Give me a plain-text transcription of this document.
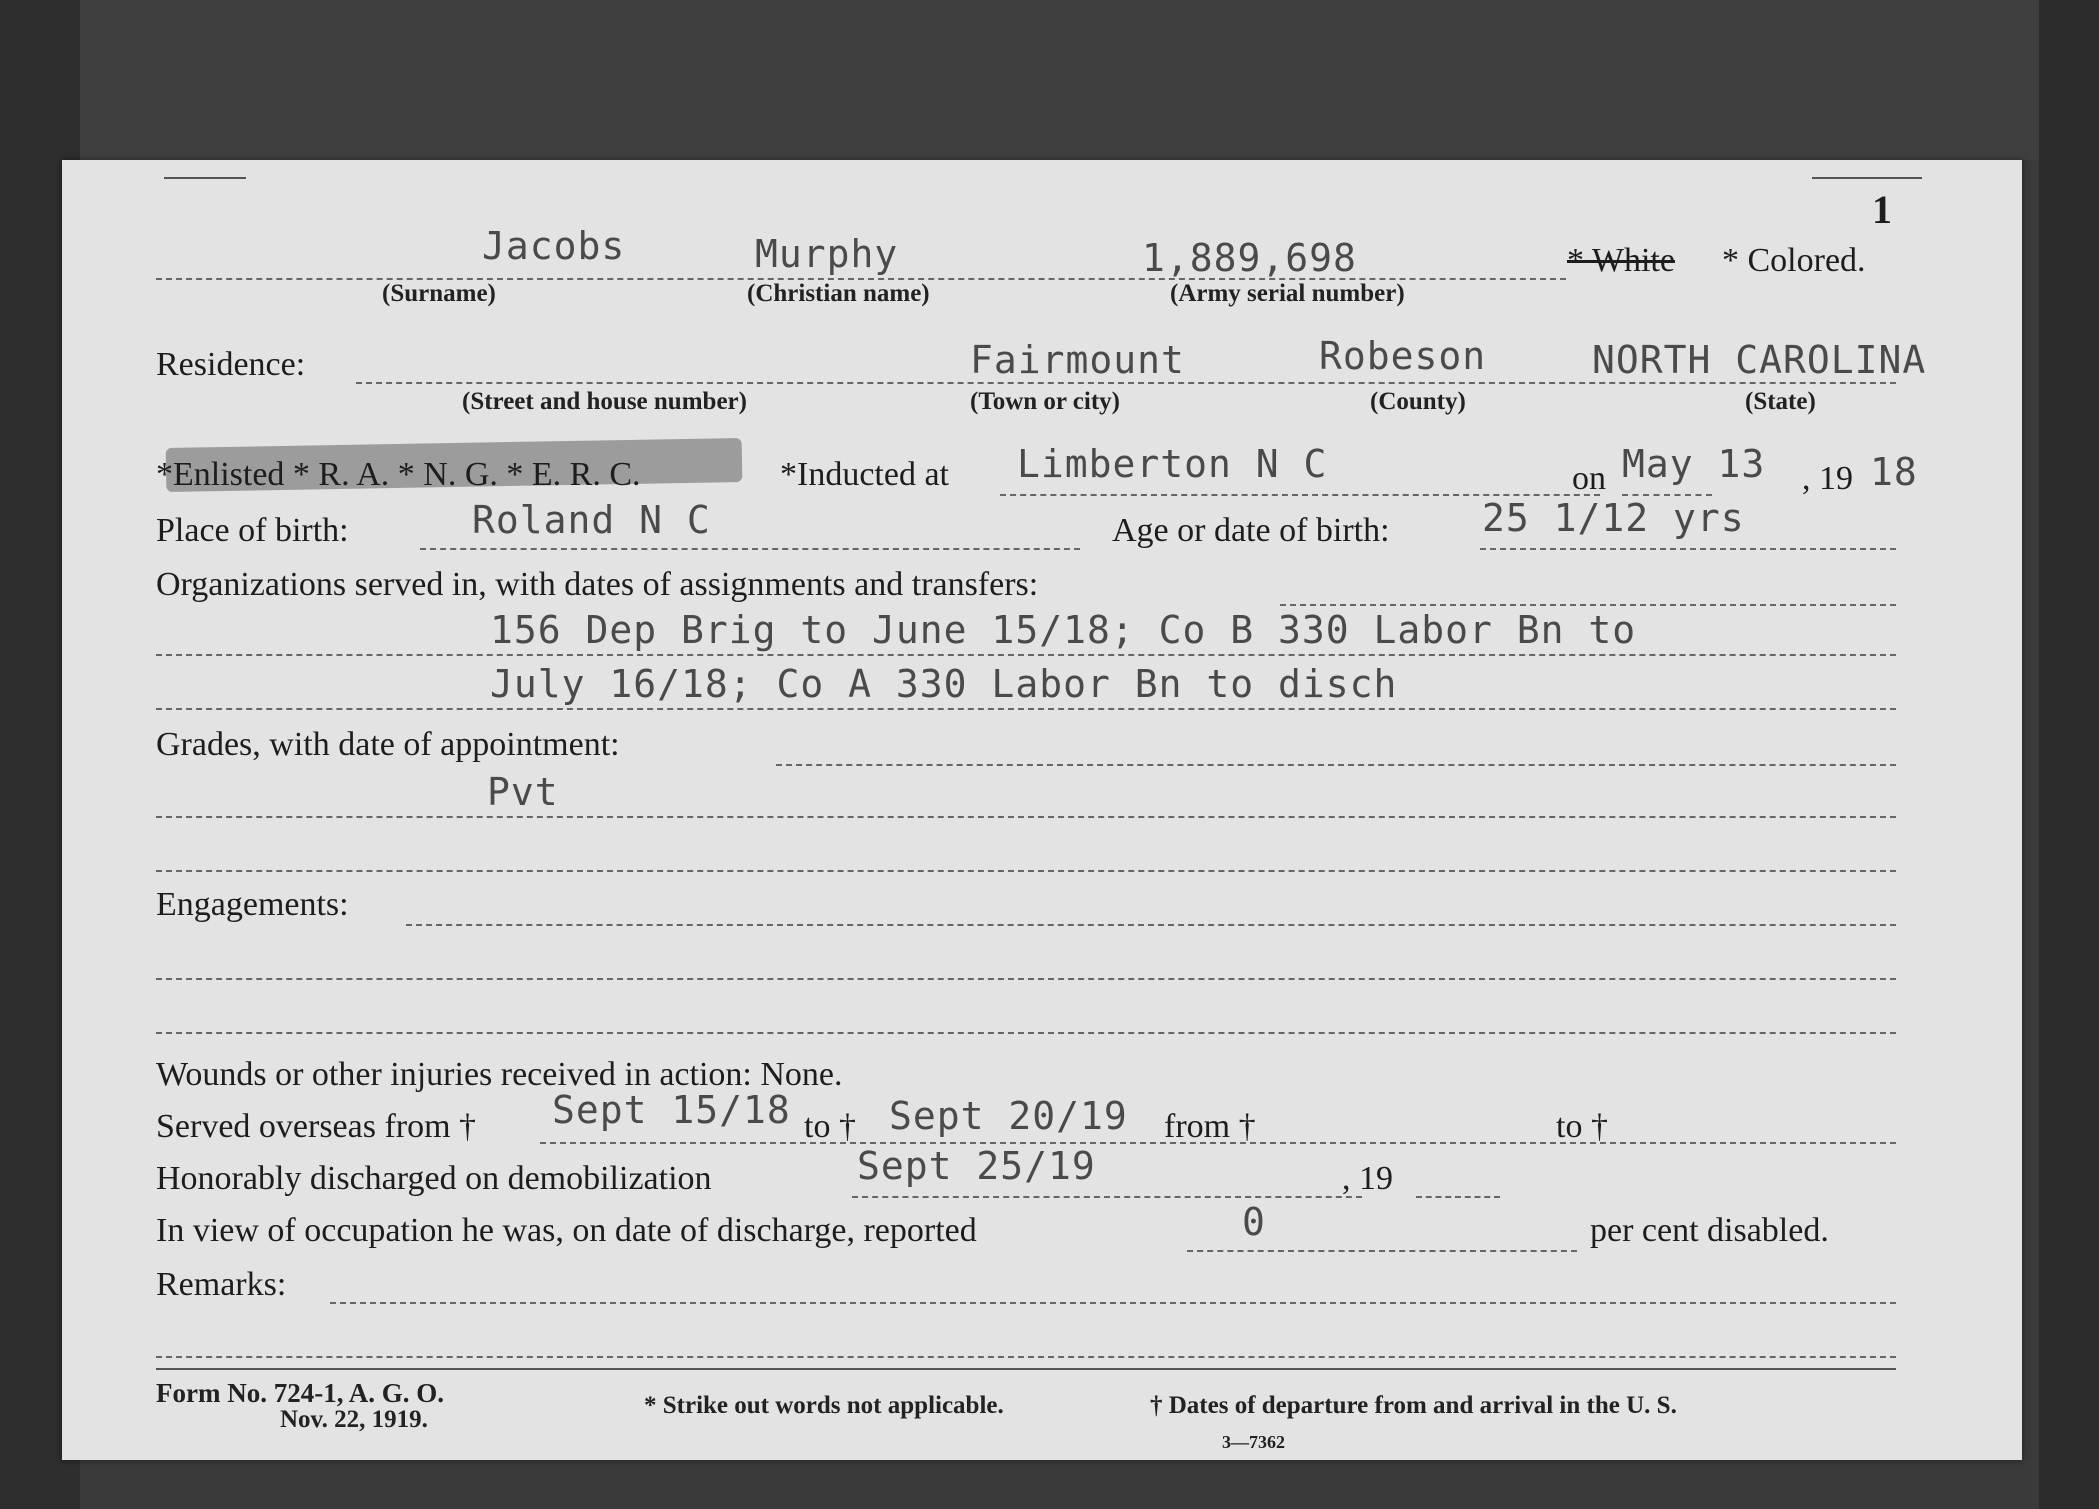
1
Jacobs	Murphy	1,889,698
(Surname)	(Christian name)	(Army serial number)
* White * Colored.
Residence:	Fairmount	Robeson	NORTH CAROLINA
(Street and house number)	(Town or city)	(County)	(State)
*Enlisted * R. A. * N. G. * E. R. C.	*Inducted at Limberton N C	on May 13 , 19 18
Place of birth:	Roland N C	Age or date of birth: 25 1/12 yrs
Organizations served in, with dates of assignments and transfers:
156 Dep Brig to June 15/18; Co B 330 Labor Bn to
July 16/18; Co A 330 Labor Bn to disch
Grades, with date of appointment:
Pvt
Engagements:
Wounds or other injuries received in action: None.
Served overseas from † Sept 15/18 to † Sept 20/19 from †	to †
Honorably discharged on demobilization	Sept 25/19	, 19
In view of occupation he was, on date of discharge, reported	0	per cent disabled.
Remarks:
Form No. 724-1, A. G. O.
Nov. 22, 1919.
* Strike out words not applicable.	† Dates of departure from and arrival in the U. S.
3—7362
